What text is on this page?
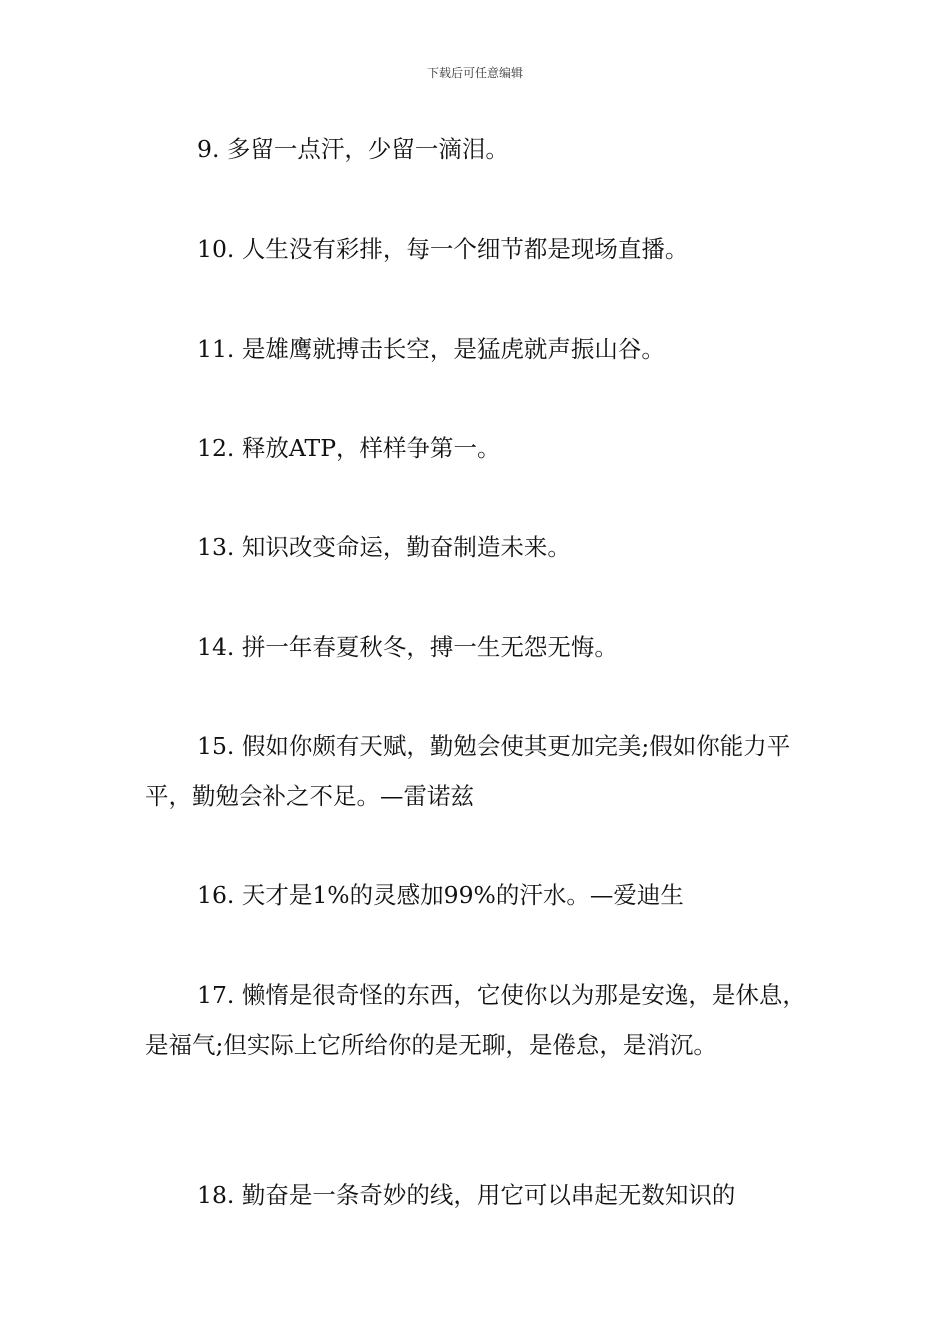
下载后可任意编辑

9. 多留一点汗，少留一滴泪。

10. 人生没有彩排，每一个细节都是现场直播。

11. 是雄鹰就搏击长空，是猛虎就声振山谷。

12. 释放ATP，样样争第一。

13. 知识改变命运，勤奋制造未来。

14. 拼一年春夏秋冬，搏一生无怨无悔。

15. 假如你颇有天赋，勤勉会使其更加完美;假如你能力平平，勤勉会补之不足。—雷诺兹

16. 天才是1%的灵感加99%的汗水。—爱迪生

17. 懒惰是很奇怪的东西，它使你以为那是安逸，是休息，是福气;但实际上它所给你的是无聊，是倦怠，是消沉。

18. 勤奋是一条奇妙的线，用它可以串起无数知识的
